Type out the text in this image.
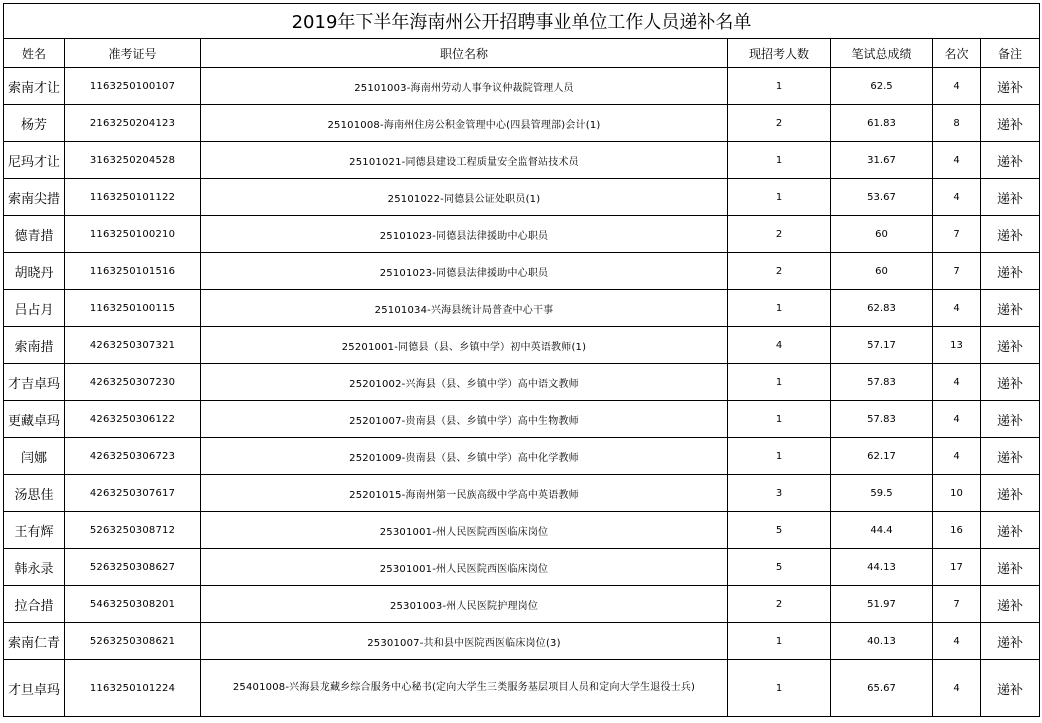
2019年下半年海南州公开招聘事业单位工作人员递补名单						
姓名	准考证号	职位名称	现招考人数	笔试总成绩	名次	备注
索南才让	1163250100107	25101003-海南州劳动人事争议仲裁院管理人员	1	62.5	4	递补
杨芳	2163250204123	25101008-海南州住房公积金管理中心(四县管理部)会计(1)	2	61.83	8	递补
尼玛才让	3163250204528	25101021-同德县建设工程质量安全监督站技术员	1	31.67	4	递补
索南尖措	1163250101122	25101022-同德县公证处职员(1)	1	53.67	4	递补
德青措	1163250100210	25101023-同德县法律援助中心职员	2	60	7	递补
胡晓丹	1163250101516	25101023-同德县法律援助中心职员	2	60	7	递补
吕占月	1163250100115	25101034-兴海县统计局普查中心干事	1	62.83	4	递补
索南措	4263250307321	25201001-同德县（县、乡镇中学）初中英语教师(1)	4	57.17	13	递补
才吉卓玛	4263250307230	25201002-兴海县（县、乡镇中学）高中语文教师	1	57.83	4	递补
更藏卓玛	4263250306122	25201007-贵南县（县、乡镇中学）高中生物教师	1	57.83	4	递补
闫娜	4263250306723	25201009-贵南县（县、乡镇中学）高中化学教师	1	62.17	4	递补
汤思佳	4263250307617	25201015-海南州第一民族高级中学高中英语教师	3	59.5	10	递补
王有辉	5263250308712	25301001-州人民医院西医临床岗位	5	44.4	16	递补
韩永录	5263250308627	25301001-州人民医院西医临床岗位	5	44.13	17	递补
拉合措	5463250308201	25301003-州人民医院护理岗位	2	51.97	7	递补
索南仁青	5263250308621	25301007-共和县中医院西医临床岗位(3)	1	40.13	4	递补
才旦卓玛	1163250101224	25401008-兴海县龙藏乡综合服务中心秘书(定向大学生三类服务基层项目人员和定向大学生退役士兵)	1	65.67	4	递补
